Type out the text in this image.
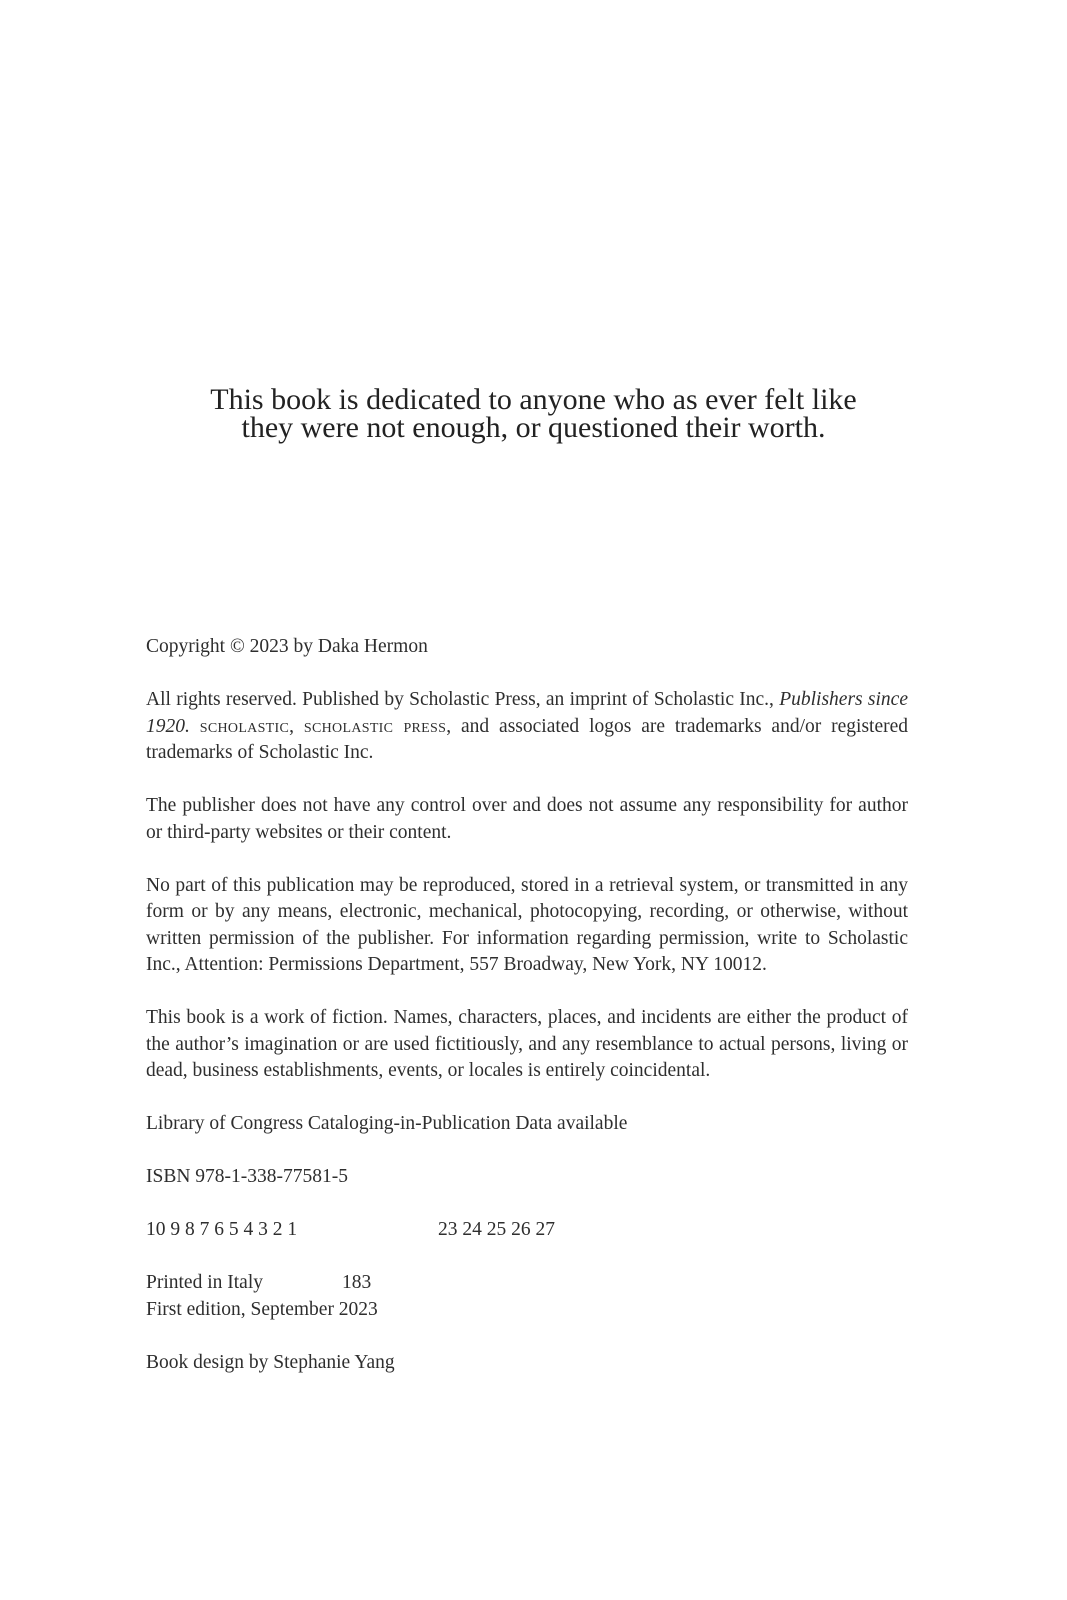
This book is dedicated to anyone who as ever felt like
they were not enough, or questioned their worth.

Copyright © 2023 by Daka Hermon

All rights reserved. Published by Scholastic Press, an imprint of Scholastic Inc., Publishers since 1920. scholastic, scholastic press, and associated logos are trademarks and/or registered trademarks of Scholastic Inc.

The publisher does not have any control over and does not assume any responsibility for author or third-party websites or their content.

No part of this publication may be reproduced, stored in a retrieval system, or transmitted in any form or by any means, electronic, mechanical, photocopying, recording, or otherwise, without written permission of the publisher. For information regarding permission, write to Scholastic Inc., Attention: Permissions Department, 557 Broadway, New York, NY 10012.

This book is a work of fiction. Names, characters, places, and incidents are either the product of the author’s imagination or are used fictitiously, and any resemblance to actual persons, living or dead, business establishments, events, or locales is entirely coincidental.

Library of Congress Cataloging-in-Publication Data available

ISBN 978-1-338-77581-5

10 9 8 7 6 5 4 3 2 1	23 24 25 26 27

Printed in Italy	183

First edition, September 2023

Book design by Stephanie Yang
